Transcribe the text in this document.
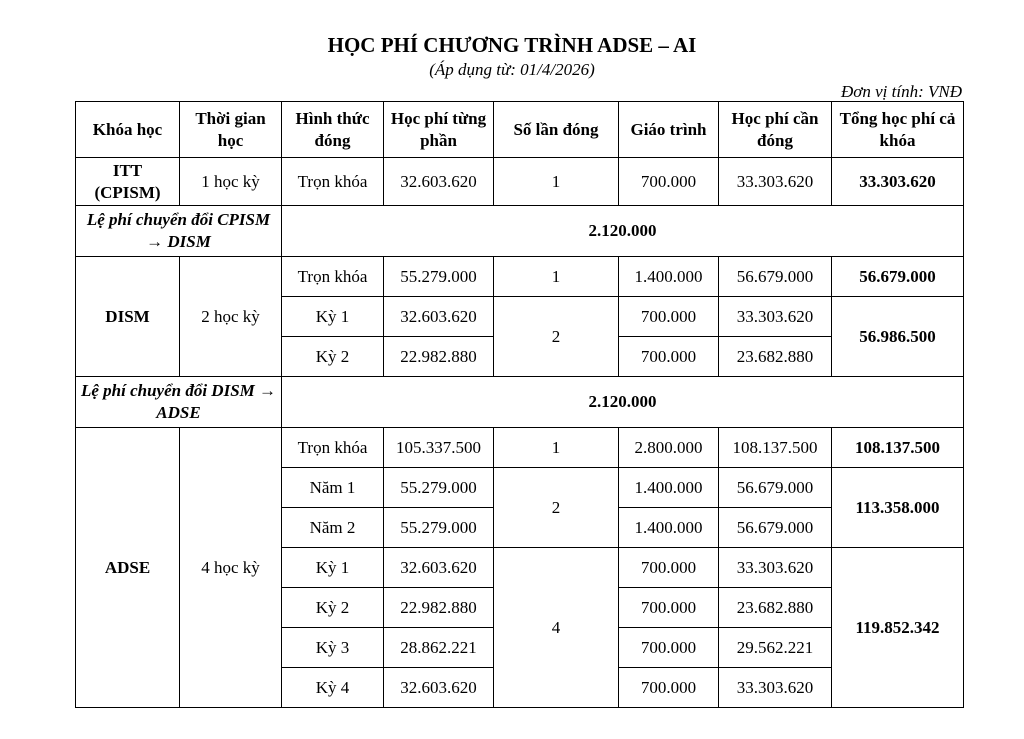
HỌC PHÍ CHƯƠNG TRÌNH ADSE – AI
(Áp dụng từ: 01/4/2026)
Đơn vị tính: VNĐ
Khóa học	Thời gian học	Hình thức đóng	Học phí từng phần	Số lần đóng	Giáo trình	Học phí cần đóng	Tổng học phí cả khóa
ITT (CPISM)	1 học kỳ	Trọn khóa	32.603.620	1	700.000	33.303.620	33.303.620
Lệ phí chuyển đổi CPISM → DISM		2.120.000					
DISM	2 học kỳ	Trọn khóa	55.279.000	1	1.400.000	56.679.000	56.679.000
		Kỳ 1	32.603.620	2	700.000	33.303.620	56.986.500
		Kỳ 2	22.982.880		700.000	23.682.880	
Lệ phí chuyển đổi DISM → ADSE		2.120.000					
ADSE	4 học kỳ	Trọn khóa	105.337.500	1	2.800.000	108.137.500	108.137.500
		Năm 1	55.279.000	2	1.400.000	56.679.000	113.358.000
		Năm 2	55.279.000		1.400.000	56.679.000	
		Kỳ 1	32.603.620	4	700.000	33.303.620	119.852.342
		Kỳ 2	22.982.880		700.000	23.682.880	
		Kỳ 3	28.862.221		700.000	29.562.221	
		Kỳ 4	32.603.620		700.000	33.303.620	
